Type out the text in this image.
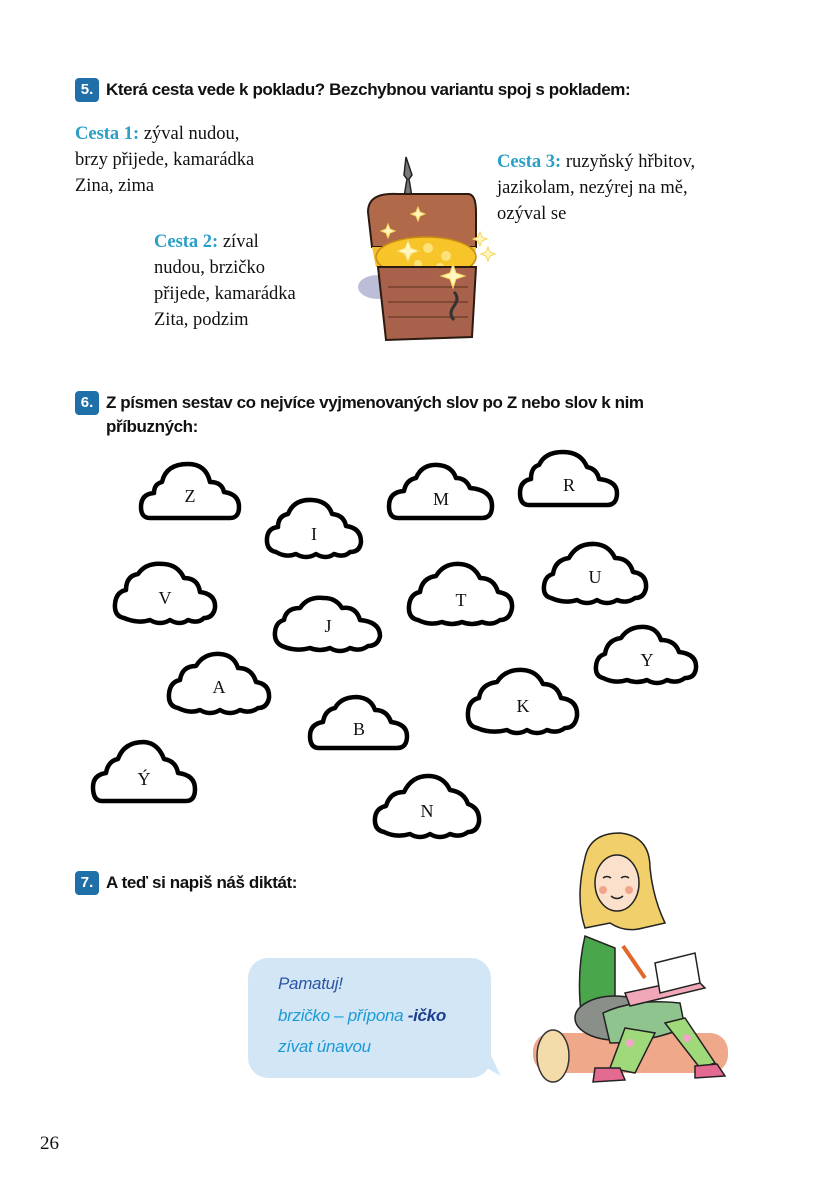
5. Která cesta vede k pokladu? Bezchybnou variantu spoj s pokladem:
Cesta 1: zýval nudou,
brzy přijede, kamarádka
Zina, zima
Cesta 2: zíval
nudou, brzičko
přijede, kamarádka
Zita, podzim
Cesta 3: ruzyňský hřbitov,
jazikolam, nezýrej na mě,
ozýval se
6. Z písmen sestav co nejvíce vyjmenovaných slov po Z nebo slov k nim
příbuzných:
Z
I
M
R
V
J
T
U
Y
A
K
B
Ý
N
7. A teď si napiš náš diktát:
Pamatuj!
brzičko – přípona -ičko
zívat únavou
26
